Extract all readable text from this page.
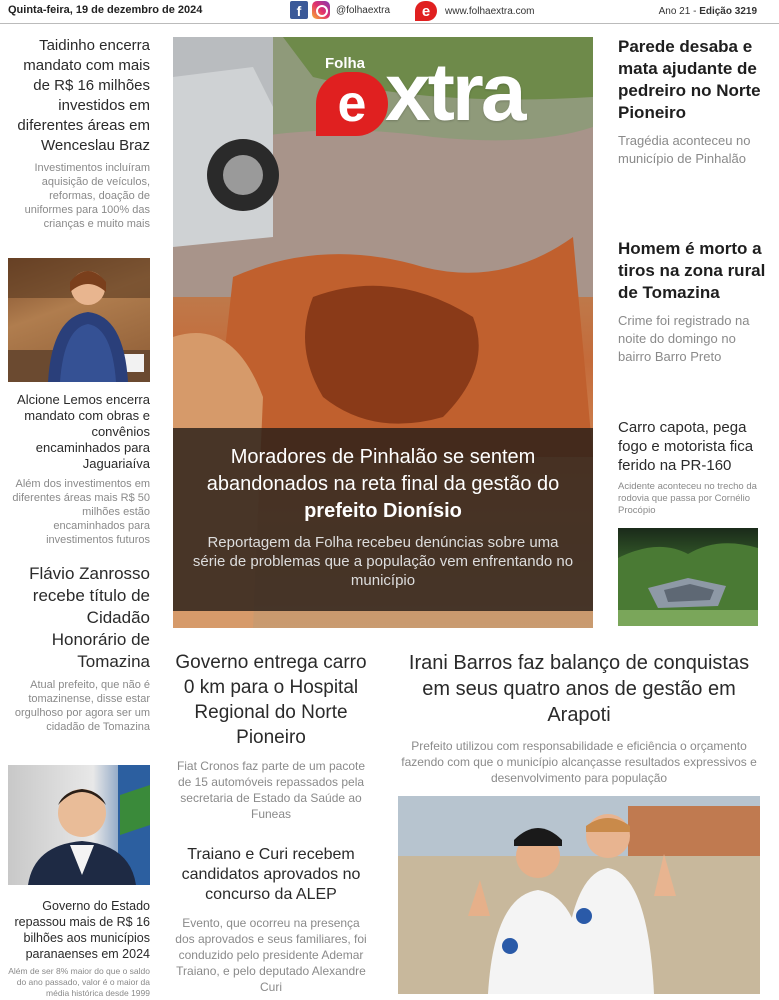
Quinta-feira, 19 de dezembro de 2024	f	@folhaextra	e	www.folhaextra.com	Ano 21 - Edição 3219
Taidinho encerra mandato com mais de R$ 16 milhões investidos em diferentes áreas em Wenceslau Braz
Investimentos incluíram aquisição de veículos, reformas, doação de uniformes para 100% das crianças e muito mais
Alcione Lemos encerra mandato com obras e convênios encaminhados para Jaguariaíva
Além dos investimentos em diferentes áreas mais R$ 50 milhões estão encaminhados para investimentos futuros
Flávio Zanrosso recebe título de Cidadão Honorário de Tomazina
Atual prefeito, que não é tomazinense, disse estar orgulhoso por agora ser um cidadão de Tomazina
Governo do Estado repassou mais de R$ 16 bilhões aos municípios paranaenses em 2024
Além de ser 8% maior do que o saldo do ano passado, valor é o maior da média histórica desde 1999
Folha
e xtra
Moradores de Pinhalão se sentem abandonados na reta final da gestão do prefeito Dionísio
Reportagem da Folha recebeu denúncias sobre uma série de problemas que a população vem enfrentando no município
Parede desaba e mata ajudante de pedreiro no Norte Pioneiro
Tragédia aconteceu no município de Pinhalão
Homem é morto a tiros na zona rural de Tomazina
Crime foi registrado na noite do domingo no bairro Barro Preto
Carro capota, pega fogo e motorista fica ferido na PR-160
Acidente aconteceu no trecho da rodovia que passa por Cornélio Procópio
Governo entrega carro 0 km para o Hospital Regional do Norte Pioneiro
Fiat Cronos faz parte de um pacote de 15 automóveis repassados pela secretaria de Estado da Saúde ao Funeas
Traiano e Curi recebem candidatos aprovados no concurso da ALEP
Evento, que ocorreu na presença dos aprovados e seus familiares, foi conduzido pelo presidente Ademar Traiano, e pelo deputado Alexandre Curi
Irani Barros faz balanço de conquistas em seus quatro anos de gestão em Arapoti
Prefeito utilizou com responsabilidade e eficiência o orçamento fazendo com que o município alcançasse resultados expressivos e desenvolvimento para população
